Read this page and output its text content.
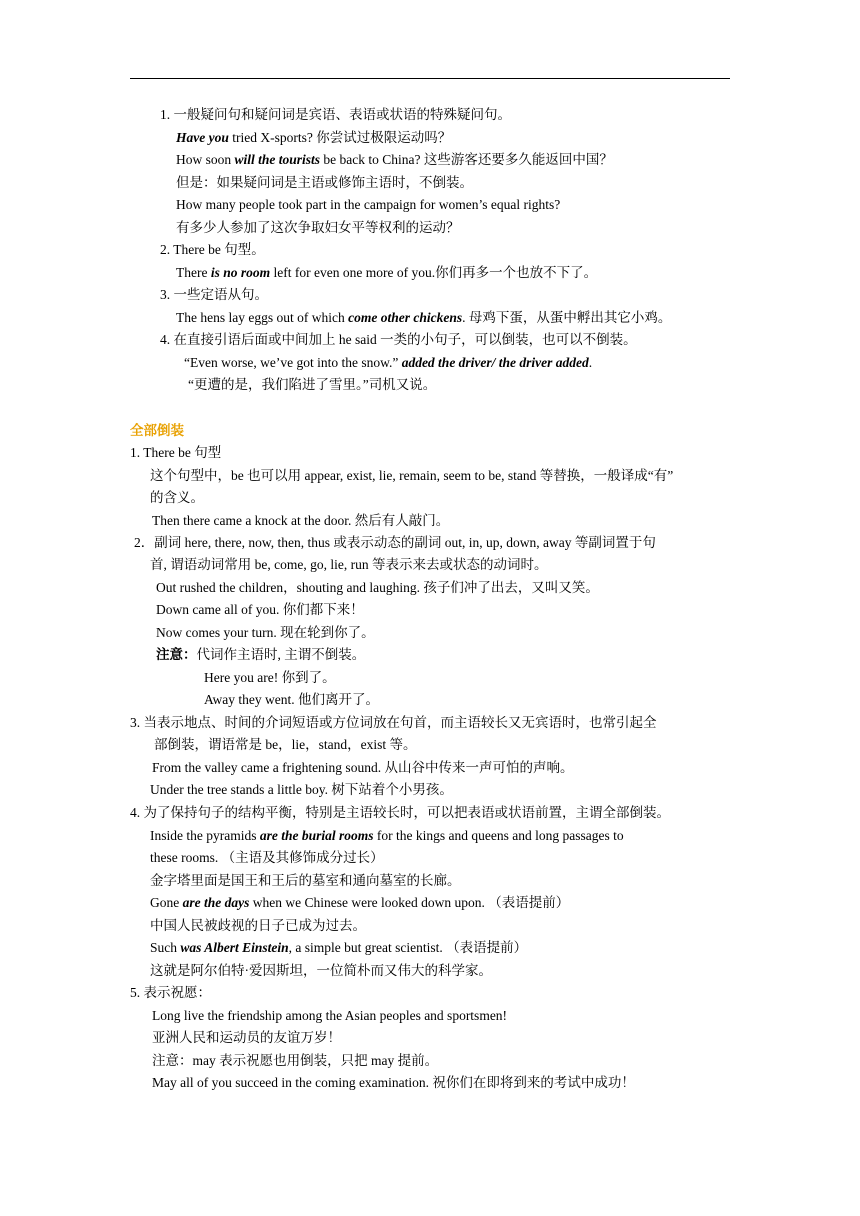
1. 一般疑问句和疑问词是宾语、表语或状语的特殊疑问句。
Have you tried X-sports? 你尝试过极限运动吗？
How soon will the tourists be back to China? 这些游客还要多久能返回中国？
但是：如果疑问词是主语或修饰主语时，不倒装。
How many people took part in the campaign for women’s equal rights?
有多少人参加了这次争取妇女平等权利的运动？
2. There be 句型。
There is no room left for even one more of you.你们再多一个也放不下了。
3. 一些定语从句。
The hens lay eggs out of which come other chickens. 母鸡下蛋，从蛋中孵出其它小鸡。
4. 在直接引语后面或中间加上 he said 一类的小句子，可以倒装，也可以不倒装。
“Even worse, we’ve got into the snow.” added the driver/ the driver added.
“更遭的是，我们陷进了雪里。”司机又说。
全部倒装
1. There be 句型
这个句型中，be 也可以用 appear, exist, lie, remain, seem to be, stand 等替换，一般译成“有”
的含义。
Then there came a knock at the door. 然后有人敲门。
2．副词 here, there, now, then, thus 或表示动态的副词 out, in, up, down, away 等副词置于句
首, 谓语动词常用 be, come, go, lie, run 等表示来去或状态的动词时。
Out rushed the children，shouting and laughing. 孩子们冲了出去，又叫又笑。
Down came all of you. 你们都下来！
Now comes your turn. 现在轮到你了。
注意：代词作主语时, 主谓不倒装。
Here you are! 你到了。
Away they went. 他们离开了。
3. 当表示地点、时间的介词短语或方位词放在句首，而主语较长又无宾语时，也常引起全
部倒装，谓语常是 be，lie，stand，exist 等。
From the valley came a frightening sound. 从山谷中传来一声可怕的声响。
Under the tree stands a little boy. 树下站着个小男孩。
4. 为了保持句子的结构平衡，特别是主语较长时，可以把表语或状语前置，主谓全部倒装。
Inside the pyramids are the burial rooms for the kings and queens and long passages to
these rooms. （主语及其修饰成分过长）
金字塔里面是国王和王后的墓室和通向墓室的长廊。
Gone are the days when we Chinese were looked down upon. （表语提前）
中国人民被歧视的日子已成为过去。
Such was Albert Einstein, a simple but great scientist. （表语提前）
这就是阿尔伯特·爱因斯坦，一位简朴而又伟大的科学家。
5. 表示祝愿：
Long live the friendship among the Asian peoples and sportsmen!
亚洲人民和运动员的友谊万岁！
注意：may 表示祝愿也用倒装，只把 may 提前。
May all of you succeed in the coming examination. 祝你们在即将到来的考试中成功！
